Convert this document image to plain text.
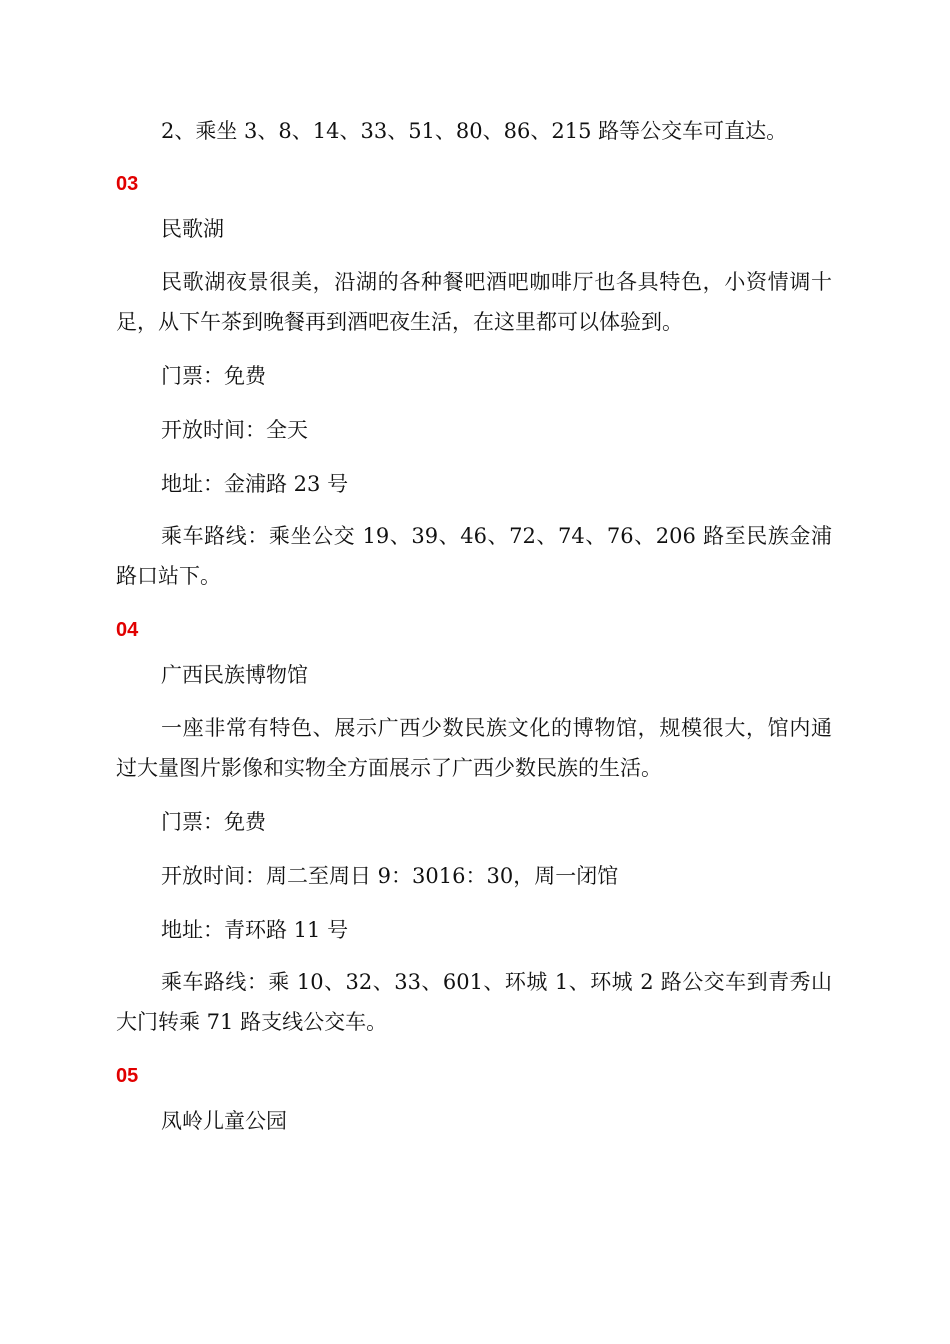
2、乘坐 3、8、14、33、51、80、86、215 路等公交车可直达。
03
民歌湖
民歌湖夜景很美，沿湖的各种餐吧酒吧咖啡厅也各具特色，小资情调十足，从下午茶到晚餐再到酒吧夜生活，在这里都可以体验到。
门票：免费
开放时间：全天
地址：金浦路 23 号
乘车路线：乘坐公交 19、39、46、72、74、76、206 路至民族金浦路口站下。
04
广西民族博物馆
一座非常有特色、展示广西少数民族文化的博物馆，规模很大，馆内通过大量图片影像和实物全方面展示了广西少数民族的生活。
门票：免费
开放时间：周二至周日 9：3016：30，周一闭馆
地址：青环路 11 号
乘车路线：乘 10、32、33、601、环城 1、环城 2 路公交车到青秀山大门转乘 71 路支线公交车。
05
凤岭儿童公园
